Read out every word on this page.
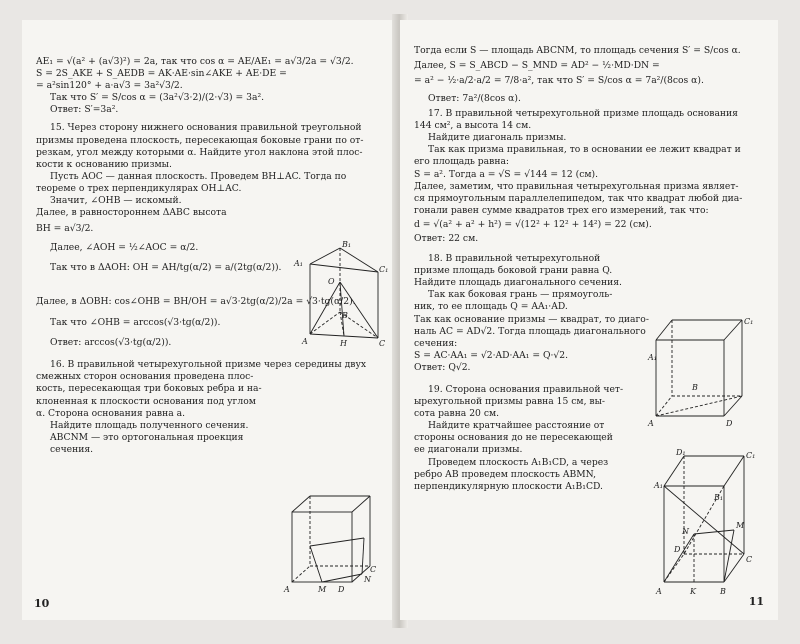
AE₁ = √(a² + (a√3)²) = 2a, так что cos α = AE/AE₁ = a√3/2a = √3/2.
S = 2S_AKE + S_AEDB = AK·AE·sin∠AKE + AE·DE =
= a²sin120° + a·a√3 = 3a²√3/2.
Так что S′ = S/cos α = (3a²√3·2)/(2·√3) = 3a².
Ответ: S′=3a².
15. Через сторону нижнего основания правильной треугольной
призмы проведена плоскость, пересекающая боковые грани по от-
резкам, угол между которыми α. Найдите угол наклона этой плос-
кости к основанию призмы.
Пусть AOC — данная плоскость. Проведем BH⊥AC. Тогда по
теореме о трех перпендикулярах OH⊥AC.
Значит, ∠OHB — искомый.
Далее, в равностороннем ΔABC высота
BH = a√3/2.
Далее, ∠AOH = ½∠AOC = α/2.
Так что в ΔAOH: OH = AH/tg(α/2) = a/(2tg(α/2)).
Далее, в ΔOBH: cos∠OHB = BH/OH = a√3·2tg(α/2)/2a = √3·tg(α/2).
Так что ∠OHB = arccos(√3·tg(α/2)).
Ответ: arccos(√3·tg(α/2)).
16. В правильной четырехугольной призме через середины двух
смежных сторон основания проведена плос-
кость, пересекающая три боковых ребра и на-
клоненная к плоскости основания под углом
α. Сторона основания равна a.
Найдите площадь полученного сечения.
ABCNM — это ортогональная проекция
сечения.
B₁
A₁
C₁
O
B
A	H	C
A	M D
N
C
10
Тогда если S — площадь ABCNM, то площадь сечения S′ = S/cos α.
Далее, S = S_ABCD − S_MND = AD² − ½·MD·DN =
= a² − ½·a/2·a/2 = 7/8·a², так что S′ = S/cos α = 7a²/(8cos α).
Ответ: 7a²/(8cos α).
17. В правильной четырехугольной призме площадь основания
144 см², а высота 14 см.
Найдите диагональ призмы.
Так как призма правильная, то в основании ее лежит квадрат и
его площадь равна:
S = a². Тогда a = √S = √144 = 12 (см).
Далее, заметим, что правильная четырехугольная призма являет-
ся прямоугольным параллелепипедом, так что квадрат любой диа-
гонали равен сумме квадратов трех его измерений, так что:
d = √(a² + a² + h²) = √(12² + 12² + 14²) = 22 (см).
Ответ: 22 см.
18. В правильной четырехугольной
призме площадь боковой грани равна Q.
Найдите площадь диагонального сечения.
Так как боковая грань — прямоуголь-
ник, то ее площадь Q = AA₁·AD.
Так как основание призмы — квадрат, то диаго-
наль AC = AD√2. Тогда площадь диагонального
сечения:
S = AC·AA₁ = √2·AD·AA₁ = Q·√2.
Ответ: Q√2.
19. Сторона основания правильной чет-
ырехугольной призмы равна 15 см, вы-
сота равна 20 см.
Найдите кратчайшее расстояние от
стороны основания до не пересекающей
ее диагонали призмы.
Проведем плоскость A₁B₁CD, а через
ребро AB проведем плоскость ABMN,
перпендикулярную плоскости A₁B₁CD.
C₁
A₁
B
A	D
D₁	C₁
A₁
B₁
N
M
D
C
A	K	B
11
